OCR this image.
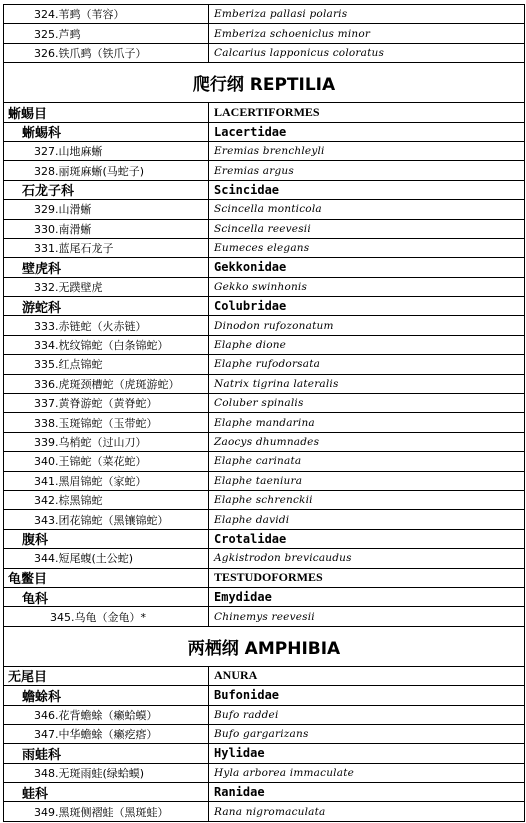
324.苇鹀（苇容）	Emberiza pallasi polaris
325.芦鹀	Emberiza schoeniclus minor
326.铁爪鹀（铁爪子）	Calcarius lapponicus coloratus
爬行纲 REPTILIA
蜥蜴目	LACERTIFORMES
蜥蜴科	Lacertidae
327.山地麻蜥	Eremias brenchleyli
328.丽斑麻蜥(马蛇子)	Eremias argus
石龙子科	Scincidae
329.山滑蜥	Scincella monticola
330.南滑蜥	Scincella reevesii
331.蓝尾石龙子	Eumeces elegans
壁虎科	Gekkonidae
332.无蹼壁虎	Gekko swinhonis
游蛇科	Colubridae
333.赤链蛇（火赤链）	Dinodon rufozonatum
334.枕纹锦蛇（白条锦蛇）	Elaphe dione
335.红点锦蛇	Elaphe rufodorsata
336.虎斑颈槽蛇（虎斑游蛇）	Natrix tigrina lateralis
337.黄脊游蛇（黄脊蛇）	Coluber spinalis
338.玉斑锦蛇（玉带蛇）	Elaphe mandarina
339.乌梢蛇（过山刀）	Zaocys dhumnades
340.王锦蛇（菜花蛇）	Elaphe carinata
341.黑眉锦蛇（家蛇）	Elaphe taeniura
342.棕黑锦蛇	Elaphe schrenckii
343.团花锦蛇（黑镶锦蛇）	Elaphe davidi
腹科	Crotalidae
344.短尾蝮(土公蛇)	Agkistrodon brevicaudus
龟鳖目	TESTUDOFORMES
龟科	Emydidae
345.乌龟（金龟）*	Chinemys reevesii
两栖纲 AMPHIBIA
无尾目	ANURA
蟾蜍科	Bufonidae
346.花背蟾蜍（癞蛤蟆）	Bufo raddei
347.中华蟾蜍（癞疙瘩）	Bufo gargarizans
雨蛙科	Hylidae
348.无斑雨蛙(绿蛤蟆)	Hyla arborea immaculate
蛙科	Ranidae
349.黑斑侧褶蛙（黑斑蛙）	Rana nigromaculata
